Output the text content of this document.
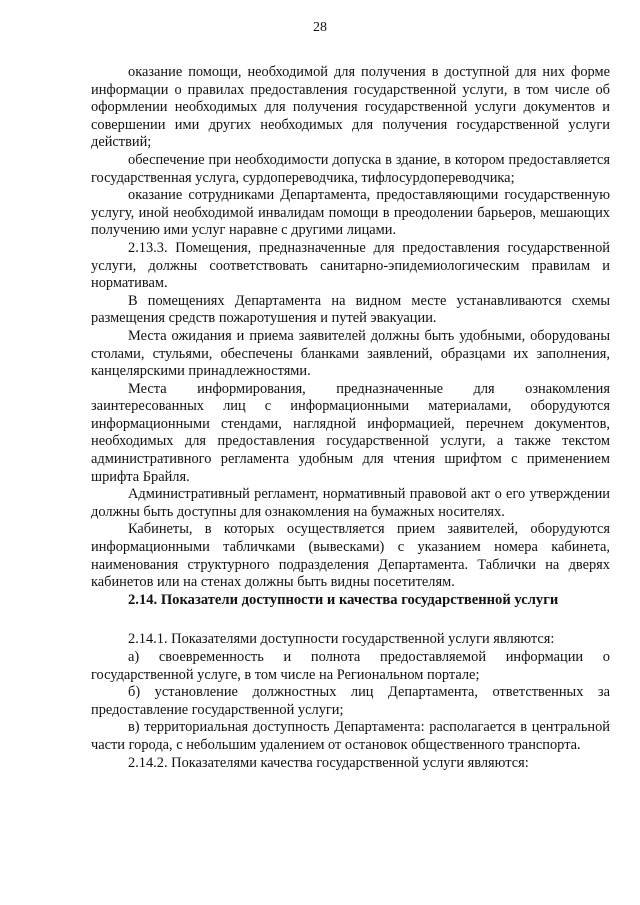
28

оказание помощи, необходимой для получения в доступной для них форме информации о правилах предоставления государственной услуги, в том числе об оформлении необходимых для получения государственной услуги документов и совершении ими других необходимых для получения государственной услуги действий;

обеспечение при необходимости допуска в здание, в котором предоставляется государственная услуга, сурдопереводчика, тифлосурдопереводчика;

оказание сотрудниками Департамента, предоставляющими государственную услугу, иной необходимой инвалидам помощи в преодолении барьеров, мешающих получению ими услуг наравне с другими лицами.

2.13.3. Помещения, предназначенные для предоставления государственной услуги, должны соответствовать санитарно-эпидемиологическим правилам и нормативам.

В помещениях Департамента на видном месте устанавливаются схемы размещения средств пожаротушения и путей эвакуации.

Места ожидания и приема заявителей должны быть удобными, оборудованы столами, стульями, обеспечены бланками заявлений, образцами их заполнения, канцелярскими принадлежностями.

Места информирования, предназначенные для ознакомления заинтересованных лиц с информационными материалами, оборудуются информационными стендами, наглядной информацией, перечнем документов, необходимых для предоставления государственной услуги, а также текстом административного регламента удобным для чтения шрифтом с применением шрифта Брайля.

Административный регламент, нормативный правовой акт о его утверждении должны быть доступны для ознакомления на бумажных носителях.

Кабинеты, в которых осуществляется прием заявителей, оборудуются информационными табличками (вывесками) с указанием номера кабинета, наименования структурного подразделения Департамента. Таблички на дверях кабинетов или на стенах должны быть видны посетителям.

2.14. Показатели доступности и качества государственной услуги

2.14.1. Показателями доступности государственной услуги являются:

а) своевременность и полнота предоставляемой информации о государственной услуге, в том числе на Региональном портале;

б) установление должностных лиц Департамента, ответственных за предоставление государственной услуги;

в) территориальная доступность Департамента: располагается в центральной части города, с небольшим удалением от остановок общественного транспорта.

2.14.2. Показателями качества государственной услуги являются:
